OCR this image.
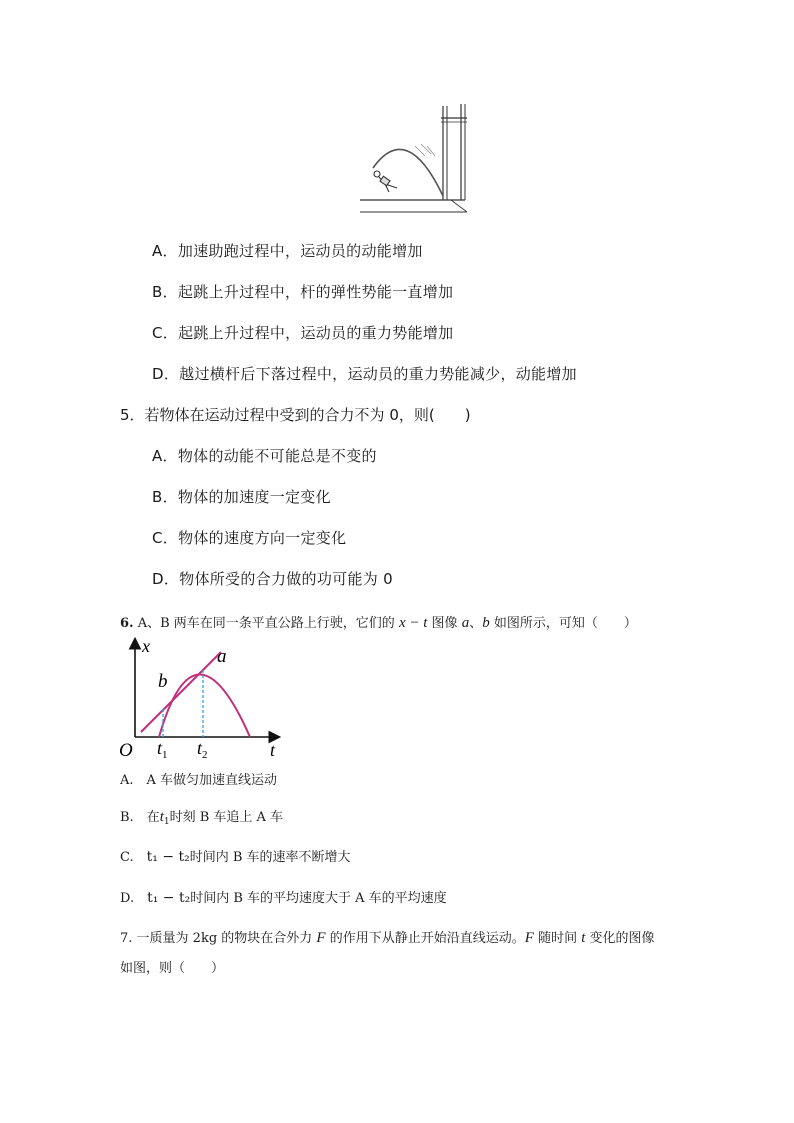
A．加速助跑过程中，运动员的动能增加
B．起跳上升过程中，杆的弹性势能一直增加
C．起跳上升过程中，运动员的重力势能增加
D．越过横杆后下落过程中，运动员的重力势能减少，动能增加
5．若物体在运动过程中受到的合力不为 0，则(　　)
A．物体的动能不可能总是不变的
B．物体的加速度一定变化
C．物体的速度方向一定变化
D．物体所受的合力做的功可能为 0
6. A、B 两车在同一条平直公路上行驶，它们的 x − t 图像 a、b 如图所示，可知（　　）
x
t
O
a
b
$t_1$ $t_2$
A.　A 车做匀加速直线运动
B.　在$t_1$时刻 B 车追上 A 车
C.　t₁ − t₂时间内 B 车的速率不断增大
D.　t₁ − t₂时间内 B 车的平均速度大于 A 车的平均速度
7. 一质量为 2kg 的物块在合外力 F 的作用下从静止开始沿直线运动。F 随时间 t 变化的图像
如图，则（　　）
